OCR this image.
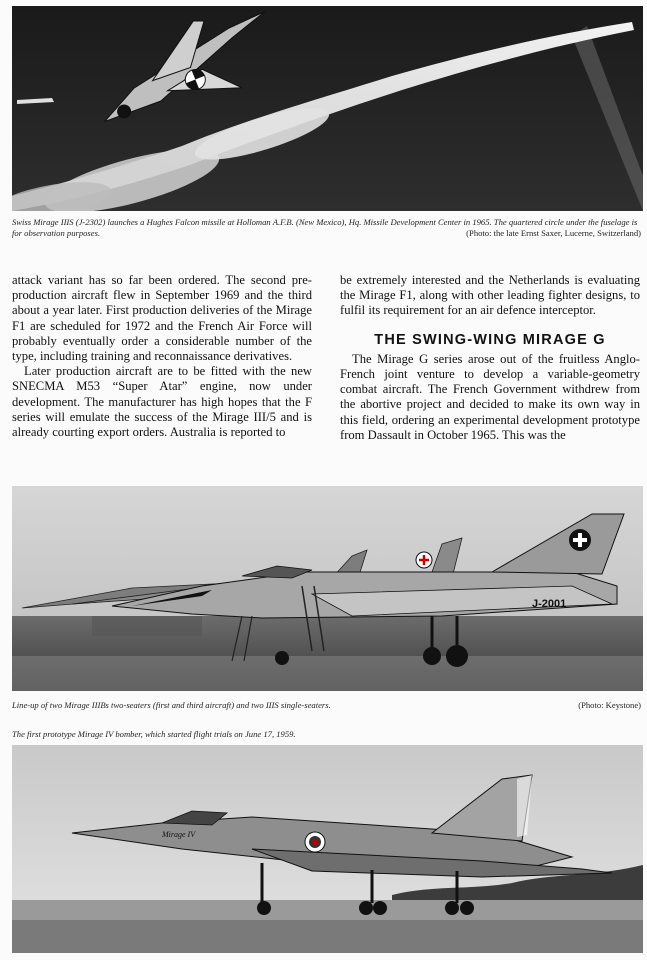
Swiss Mirage IIIS (J-2302) launches a Hughes Falcon missile at Holloman A.F.B. (New Mexico), Hq. Missile Development Center in 1965. The quartered circle under the fuselage is for observation purposes.	(Photo: the late Ernst Saxer, Lucerne, Switzerland)

attack variant has so far been ordered. The second pre-production aircraft flew in September 1969 and the third about a year later. First production deliveries of the Mirage F1 are scheduled for 1972 and the French Air Force will probably eventually order a considerable number of the type, including training and reconnaissance derivatives.

Later production aircraft are to be fitted with the new SNECMA M53 “Super Atar” engine, now under development. The manufacturer has high hopes that the F series will emulate the success of the Mirage III/5 and is already courting export orders. Australia is reported to

be extremely interested and the Netherlands is evaluating the Mirage F1, along with other leading fighter designs, to fulfil its requirement for an air defence interceptor.

THE SWING-WING MIRAGE G

The Mirage G series arose out of the fruitless Anglo-French joint venture to develop a variable-geometry combat aircraft. The French Government withdrew from the abortive project and decided to make its own way in this field, ordering an experimental development prototype from Dassault in October 1965. This was the

J-2001

Line-up of two Mirage IIIBs two-seaters (first and third aircraft) and two IIIS single-seaters.	(Photo: Keystone)

The first prototype Mirage IV bomber, which started flight trials on June 17, 1959.

Mirage IV
